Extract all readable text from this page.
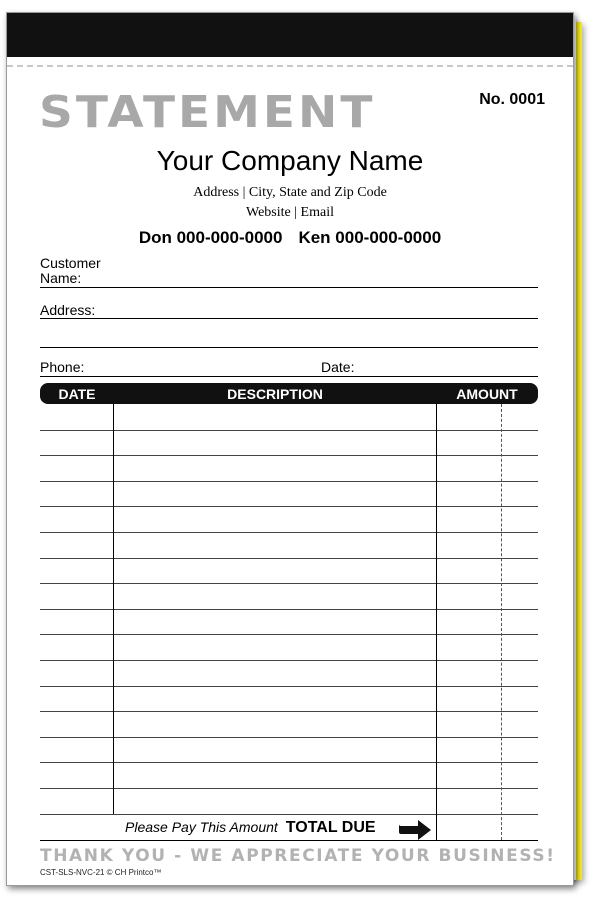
STATEMENT	No. 0001
Your Company Name
Address | City, State and Zip Code
Website | Email
Don 000-000-0000 Ken 000-000-0000
Customer
Name:
Address:
Phone:	Date:
DATE	DESCRIPTION	AMOUNT
Please Pay This Amount TOTAL DUE
THANK YOU - WE APPRECIATE YOUR BUSINESS!
CST-SLS-NVC-21 © CH Printco™
